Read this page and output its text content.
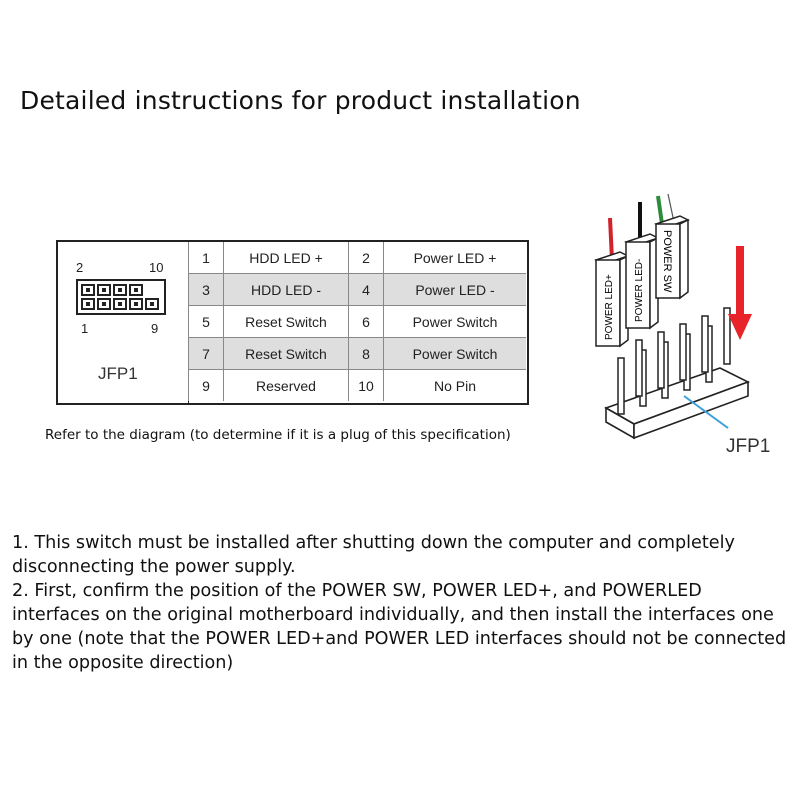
Detailed instructions for product installation
2	10
1	9
JFP1
1	HDD LED +	2	Power LED +
3	HDD LED -	4	Power LED -
5	Reset Switch	6	Power Switch
7	Reset Switch	8	Power Switch
9	Reserved	10	No Pin

Refer to the diagram (to determine if it is a plug of this specification)

POWER LED+ POWER LED- POWER SW
JFP1

1. This switch must be installed after shutting down the computer and completely disconnecting the power supply.

2. First, confirm the position of the POWER SW, POWER LED+, and POWERLED interfaces on the original motherboard individually, and then install the interfaces one by one (note that the POWER LED+and POWER LED interfaces should not be connected in the opposite direction)
